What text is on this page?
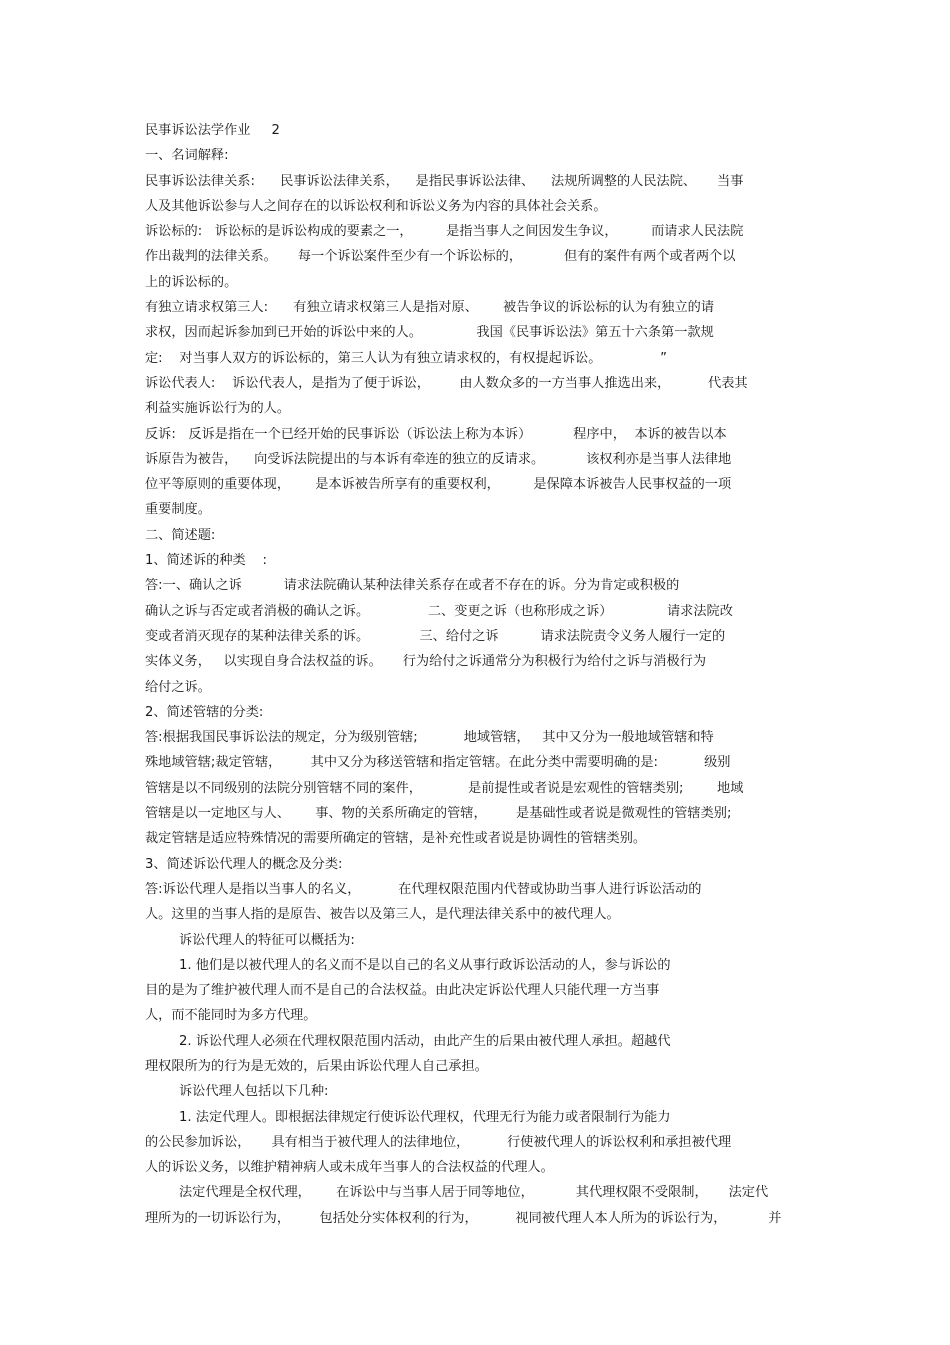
民事诉讼法学作业     2
一、名词解释:
民事诉讼法律关系:      民事诉讼法律关系，    是指民事诉讼法律、    法规所调整的人民法院、     当事
人及其他诉讼参与人之间存在的以诉讼权利和诉讼义务为内容的具体社会关系。
诉讼标的:   诉讼标的是诉讼构成的要素之一，        是指当事人之间因发生争议，        而请求人民法院
作出裁判的法律关系。     每一个诉讼案件至少有一个诉讼标的，          但有的案件有两个或者两个以
上的诉讼标的。
有独立请求权第三人:      有独立请求权第三人是指对原、      被告争议的诉讼标的认为有独立的请
求权，因而起诉参加到已开始的诉讼中来的人。             我国《民事诉讼法》第五十六条第一款规
定:    对当事人双方的诉讼标的，第三人认为有独立请求权的，有权提起诉讼。              ”
诉讼代表人:    诉讼代表人，是指为了便于诉讼，       由人数众多的一方当事人推选出来，         代表其
利益实施诉讼行为的人。
反诉:   反诉是指在一个已经开始的民事诉讼（诉讼法上称为本诉）          程序中，  本诉的被告以本
诉原告为被告，    向受诉法院提出的与本诉有牵连的独立的反请求。          该权利亦是当事人法律地
位平等原则的重要体现，      是本诉被告所享有的重要权利，        是保障本诉被告人民事权益的一项
重要制度。
二、简述题:
1、简述诉的种类    :
答:一、确认之诉          请求法院确认某种法律关系存在或者不存在的诉。分为肯定或积极的
确认之诉与否定或者消极的确认之诉。              二、变更之诉（也称形成之诉）             请求法院改
变或者消灭现存的某种法律关系的诉。            三、给付之诉          请求法院责令义务人履行一定的
实体义务，   以实现自身合法权益的诉。     行为给付之诉通常分为积极行为给付之诉与消极行为
给付之诉。
2、简述管辖的分类:
答:根据我国民事诉讼法的规定，分为级别管辖;           地域管辖，   其中又分为一般地域管辖和特
殊地域管辖;裁定管辖，       其中又分为移送管辖和指定管辖。在此分类中需要明确的是:           级别
管辖是以不同级别的法院分别管辖不同的案件，           是前提性或者说是宏观性的管辖类别;        地域
管辖是以一定地区与人、      事、物的关系所确定的管辖，       是基础性或者说是微观性的管辖类别;
裁定管辖是适应特殊情况的需要所确定的管辖，是补充性或者说是协调性的管辖类别。
3、简述诉讼代理人的概念及分类:
答:诉讼代理人是指以当事人的名义，         在代理权限范围内代替或协助当事人进行诉讼活动的
人。这里的当事人指的是原告、被告以及第三人，是代理法律关系中的被代理人。
诉讼代理人的特征可以概括为:
1. 他们是以被代理人的名义而不是以自己的名义从事行政诉讼活动的人，参与诉讼的
目的是为了维护被代理人而不是自己的合法权益。由此决定诉讼代理人只能代理一方当事
人，而不能同时为多方代理。
2. 诉讼代理人必须在代理权限范围内活动，由此产生的后果由被代理人承担。超越代
理权限所为的行为是无效的，后果由诉讼代理人自己承担。
诉讼代理人包括以下几种:
1. 法定代理人。即根据法律规定行使诉讼代理权，代理无行为能力或者限制行为能力
的公民参加诉讼，     具有相当于被代理人的法律地位，         行使被代理人的诉讼权利和承担被代理
人的诉讼义务，以维护精神病人或未成年当事人的合法权益的代理人。
法定代理是全权代理，      在诉讼中与当事人居于同等地位，          其代理权限不受限制，     法定代
理所为的一切诉讼行为，       包括处分实体权利的行为，         视同被代理人本人所为的诉讼行为，          并
